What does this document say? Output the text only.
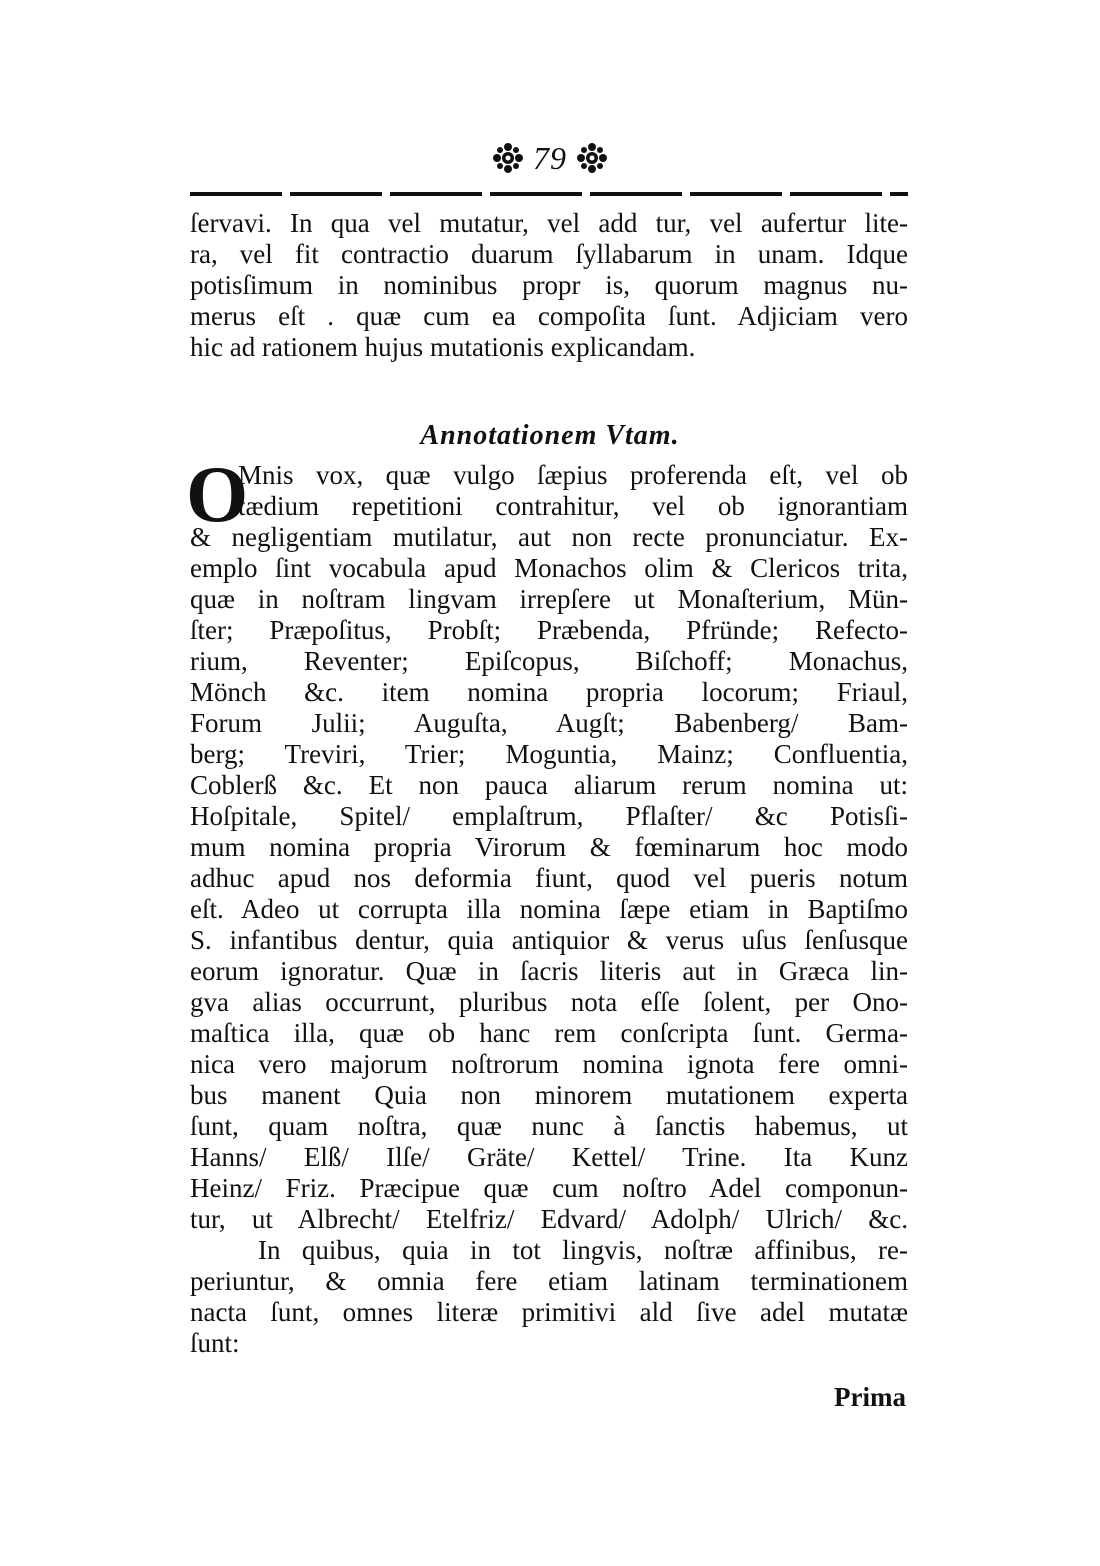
79
ſervavi. In qua vel mutatur, vel add tur, vel aufertur lite-
ra, vel fit contractio duarum ſyllabarum in unam. Idque
potisſimum in nominibus propr is, quorum magnus nu-
merus eſt . quæ cum ea compoſita ſunt. Adjiciam vero
hic ad rationem hujus mutationis explicandam.
Annotationem Vtam.
O
Mnis vox, quæ vulgo ſæpius proferenda eſt, vel ob
tædium repetitioni contrahitur, vel ob ignorantiam
& negligentiam mutilatur, aut non recte pronunciatur. Ex-
emplo ſint vocabula apud Monachos olim & Clericos trita,
quæ in noſtram lingvam irrepſere ut Monaſterium, Mün-
ſter; Præpoſitus, Probſt; Præbenda, Pfründe; Refecto-
rium, Reventer; Epiſcopus, Biſchoff; Monachus,
Mönch &c. item nomina propria locorum; Friaul,
Forum Julii; Auguſta, Augſt; Babenberg/ Bam-
berg; Treviri, Trier; Moguntia, Mainz; Confluentia,
Coblerß &c. Et non pauca aliarum rerum nomina ut:
Hoſpitale, Spitel/ emplaſtrum, Pflaſter/ &c Potisſi-
mum nomina propria Virorum & fœminarum hoc modo
adhuc apud nos deformia fiunt, quod vel pueris notum
eſt. Adeo ut corrupta illa nomina ſæpe etiam in Baptiſmo
S. infantibus dentur, quia antiquior & verus uſus ſenſusque
eorum ignoratur. Quæ in ſacris literis aut in Græca lin-
gva alias occurrunt, pluribus nota eſſe ſolent, per Ono-
maſtica illa, quæ ob hanc rem conſcripta ſunt. Germa-
nica vero majorum noſtrorum nomina ignota fere omni-
bus manent Quia non minorem mutationem experta
ſunt, quam noſtra, quæ nunc à ſanctis habemus, ut
Hanns/ Elß/ Ilſe/ Gräte/ Kettel/ Trine. Ita Kunz
Heinz/ Friz. Præcipue quæ cum noſtro Adel componun-
tur, ut Albrecht/ Etelfriz/ Edvard/ Adolph/ Ulrich/ &c.
In quibus, quia in tot lingvis, noſtræ affinibus, re-
periuntur, & omnia fere etiam latinam terminationem
nacta ſunt, omnes literæ primitivi ald ſive adel mutatæ
ſunt:
Prima
